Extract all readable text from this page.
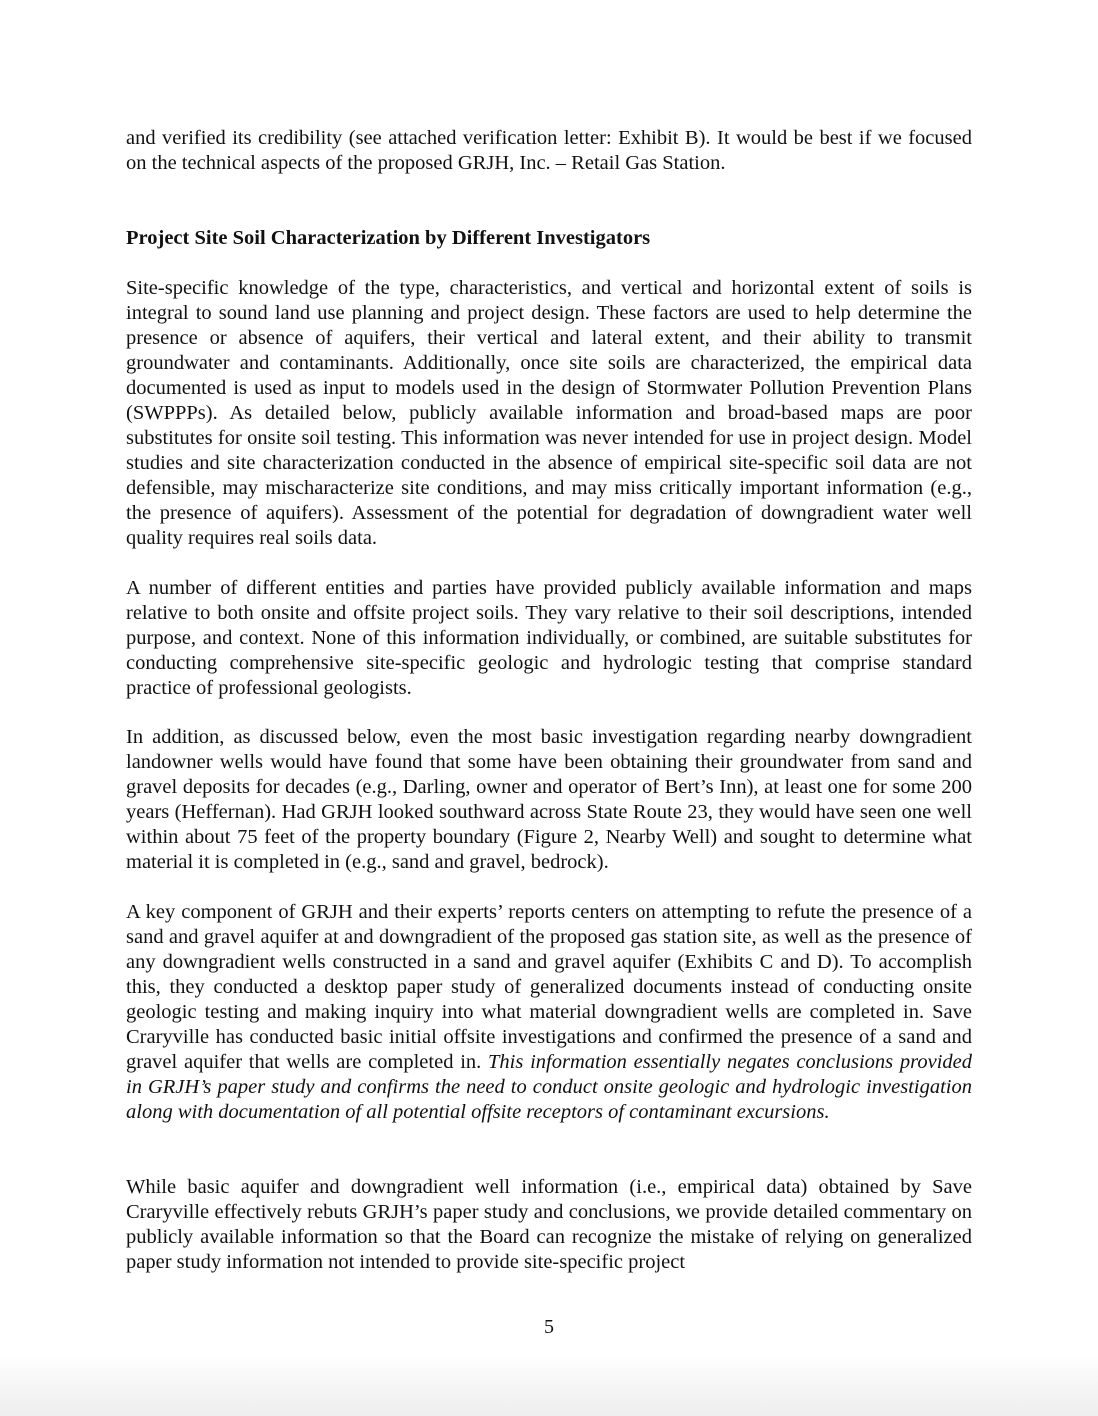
and verified its credibility (see attached verification letter: Exhibit B). It would be best if we focused on the technical aspects of the proposed GRJH, Inc. – Retail Gas Station.

Project Site Soil Characterization by Different Investigators

Site-specific knowledge of the type, characteristics, and vertical and horizontal extent of soils is integral to sound land use planning and project design. These factors are used to help determine the presence or absence of aquifers, their vertical and lateral extent, and their ability to transmit groundwater and contaminants. Additionally, once site soils are characterized, the empirical data documented is used as input to models used in the design of Stormwater Pollution Prevention Plans (SWPPPs). As detailed below, publicly available information and broad-based maps are poor substitutes for onsite soil testing. This information was never intended for use in project design. Model studies and site characterization conducted in the absence of empirical site-specific soil data are not defensible, may mischaracterize site conditions, and may miss critically important information (e.g., the presence of aquifers). Assessment of the potential for degradation of downgradient water well quality requires real soils data.

A number of different entities and parties have provided publicly available information and maps relative to both onsite and offsite project soils. They vary relative to their soil descriptions, intended purpose, and context. None of this information individually, or combined, are suitable substitutes for conducting comprehensive site-specific geologic and hydrologic testing that comprise standard practice of professional geologists.

In addition, as discussed below, even the most basic investigation regarding nearby downgradient landowner wells would have found that some have been obtaining their groundwater from sand and gravel deposits for decades (e.g., Darling, owner and operator of Bert’s Inn), at least one for some 200 years (Heffernan). Had GRJH looked southward across State Route 23, they would have seen one well within about 75 feet of the property boundary (Figure 2, Nearby Well) and sought to determine what material it is completed in (e.g., sand and gravel, bedrock).

A key component of GRJH and their experts’ reports centers on attempting to refute the presence of a sand and gravel aquifer at and downgradient of the proposed gas station site, as well as the presence of any downgradient wells constructed in a sand and gravel aquifer (Exhibits C and D). To accomplish this, they conducted a desktop paper study of generalized documents instead of conducting onsite geologic testing and making inquiry into what material downgradient wells are completed in. Save Craryville has conducted basic initial offsite investigations and confirmed the presence of a sand and gravel aquifer that wells are completed in. This information essentially negates conclusions provided in GRJH’s paper study and confirms the need to conduct onsite geologic and hydrologic investigation along with documentation of all potential offsite receptors of contaminant excursions.

While basic aquifer and downgradient well information (i.e., empirical data) obtained by Save Craryville effectively rebuts GRJH’s paper study and conclusions, we provide detailed commentary on publicly available information so that the Board can recognize the mistake of relying on generalized paper study information not intended to provide site-specific project

5
